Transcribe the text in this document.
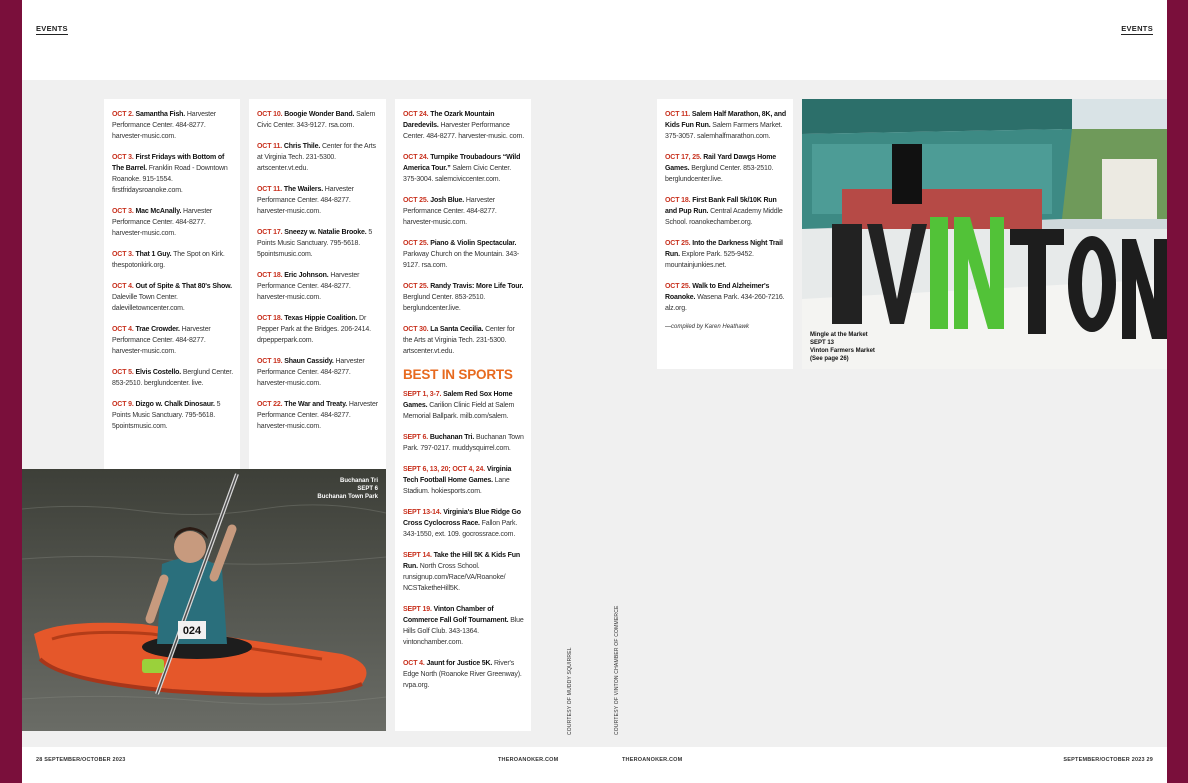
EVENTS	EVENTS

OCT 2. Samantha Fish. Harvester Performance Center. 484-8277. harvester-music.com.

OCT 3. First Fridays with Bottom of The Barrel. Franklin Road - Downtown Roanoke. 915-1554. firstfridaysroanoke.com.

OCT 3. Mac McAnally. Harvester Performance Center. 484-8277. harvester-music.com.

OCT 3. That 1 Guy. The Spot on Kirk. thespotonkirk.org.

OCT 4. Out of Spite & That 80's Show. Daleville Town Center. dalevilletowncenter.com.

OCT 4. Trae Crowder. Harvester Performance Center. 484-8277. harvester-music.com.

OCT 5. Elvis Costello. Berglund Center. 853-2510. berglundcenter. live.

OCT 9. Dizgo w. Chalk Dinosaur. 5 Points Music Sanctuary. 795-5618. 5pointsmusic.com.

OCT 10. Boogie Wonder Band. Salem Civic Center. 343-9127. rsa.com.

OCT 11. Chris Thile. Center for the Arts at Virginia Tech. 231-5300. artscenter.vt.edu.

OCT 11. The Wailers. Harvester Performance Center. 484-8277. harvester-music.com.

OCT 17. Sneezy w. Natalie Brooke. 5 Points Music Sanctuary. 795-5618. 5pointsmusic.com.

OCT 18. Eric Johnson. Harvester Performance Center. 484-8277. harvester-music.com.

OCT 18. Texas Hippie Coalition. Dr Pepper Park at the Bridges. 206-2414. drpepperpark.com.

OCT 19. Shaun Cassidy. Harvester Performance Center. 484-8277. harvester-music.com.

OCT 22. The War and Treaty. Harvester Performance Center. 484-8277. harvester-music.com.

024
Buchanan Tri
SEPT 6
Buchanan Town Park

OCT 24. The Ozark Mountain Daredevils. Harvester Performance Center. 484-8277. harvester-music. com.

OCT 24. Turnpike Troubadours “Wild America Tour.” Salem Civic Center. 375-3004. salemciviccenter.com.

OCT 25. Josh Blue. Harvester Performance Center. 484-8277. harvester-music.com.

OCT 25. Piano & Violin Spectacular. Parkway Church on the Mountain. 343-9127. rsa.com.

OCT 25. Randy Travis: More Life Tour. Berglund Center. 853-2510. berglundcenter.live.

OCT 30. La Santa Cecilia. Center for the Arts at Virginia Tech. 231-5300. artscenter.vt.edu.

BEST IN SPORTS

SEPT 1, 3-7. Salem Red Sox Home Games. Carilion Clinic Field at Salem Memorial Ballpark. milb.com/salem.

SEPT 6. Buchanan Tri. Buchanan Town Park. 797-0217. muddysquirrel.com.

SEPT 6, 13, 20; OCT 4, 24. Virginia Tech Football Home Games. Lane Stadium. hokiesports.com.

SEPT 13-14. Virginia's Blue Ridge Go Cross Cyclocross Race. Fallon Park. 343-1550, ext. 109. gocrossrace.com.

SEPT 14. Take the Hill 5K & Kids Fun Run. North Cross School. runsignup.com/Race/VA/Roanoke/ NCSTaketheHill5K.

SEPT 19. Vinton Chamber of Commerce Fall Golf Tournament. Blue Hills Golf Club. 343-1364. vintonchamber.com.

OCT 4. Jaunt for Justice 5K. River's Edge North (Roanoke River Greenway). rvpa.org.	COURTESY OF MUDDY SQUIRREL	COURTESY OF VINTON CHAMBER OF COMMERCE

OCT 11. Salem Half Marathon, 8K, and Kids Fun Run. Salem Farmers Market. 375-3057. salemhalfmarathon.com.

OCT 17, 25. Rail Yard Dawgs Home Games. Berglund Center. 853-2510. berglundcenter.live.

OCT 18. First Bank Fall 5k/10K Run and Pup Run. Central Academy Middle School. roanokechamber.org.

OCT 25. Into the Darkness Night Trail Run. Explore Park. 525-9452. mountainjunkies.net.

OCT 25. Walk to End Alzheimer's Roanoke. Wasena Park. 434-260-7216. alz.org.

—compiled by Karen Heathawk
Mingle at the Market
SEPT 13
Vinton Farmers Market
(See page 26)
28 SEPTEMBER/OCTOBER 2023	THEROANOKER.COM	THEROANOKER.COM	SEPTEMBER/OCTOBER 2023 29
